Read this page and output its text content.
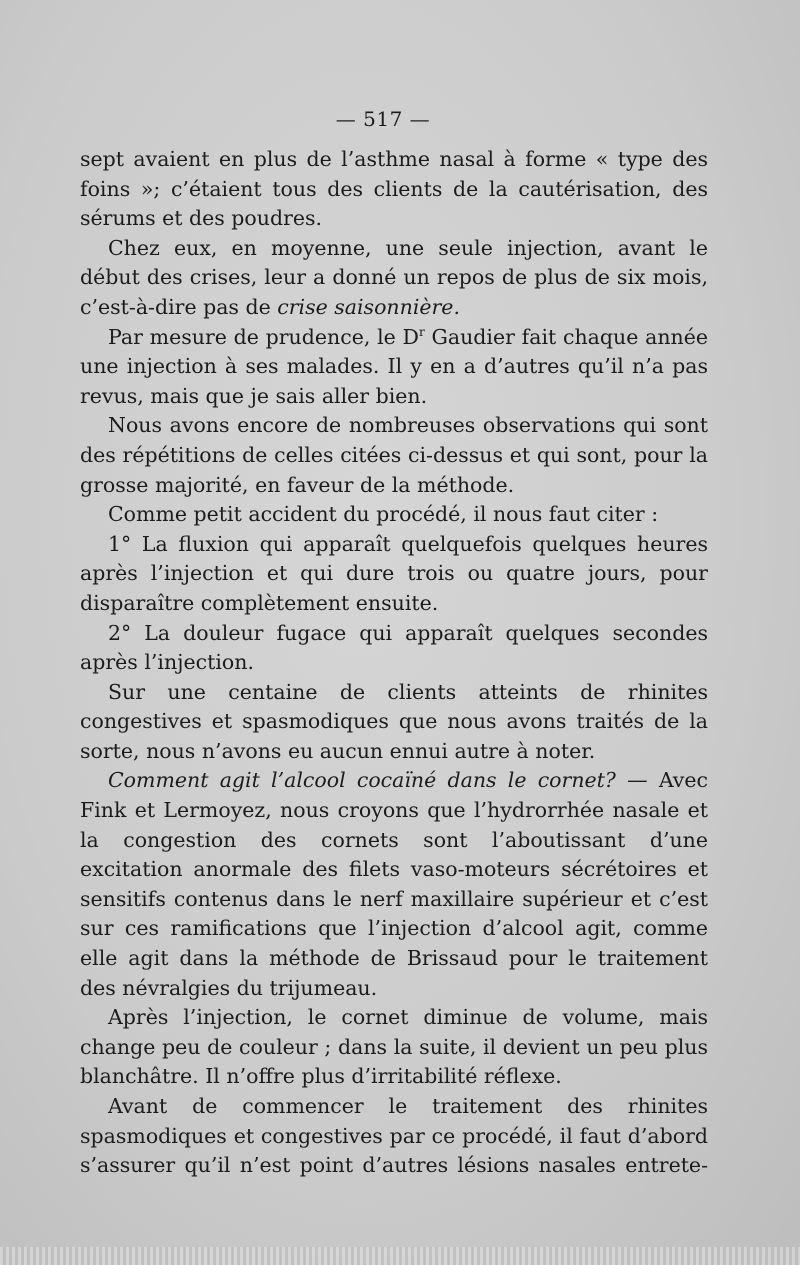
— 517 —

sept avaient en plus de l’asthme nasal à forme « type des foins »; c’étaient tous des clients de la cautérisation, des sérums et des poudres.

Chez eux, en moyenne, une seule injection, avant le début des crises, leur a donné un repos de plus de six mois, c’est-à-dire pas de crise saisonnière.

Par mesure de prudence, le $D^r$ Gaudier fait chaque année une injection à ses malades. Il y en a d’autres qu’il n’a pas revus, mais que je sais aller bien.

Nous avons encore de nombreuses observations qui sont des répétitions de celles citées ci-dessus et qui sont, pour la grosse majorité, en faveur de la méthode.

Comme petit accident du procédé, il nous faut citer :

1° La fluxion qui apparaît quelquefois quelques heures après l’injection et qui dure trois ou quatre jours, pour disparaître complètement ensuite.

2° La douleur fugace qui apparaît quelques secondes après l’injection.

Sur une centaine de clients atteints de rhinites congestives et spasmodiques que nous avons traités de la sorte, nous n’avons eu aucun ennui autre à noter.

Comment agit l’alcool cocaïné dans le cornet? — Avec Fink et Lermoyez, nous croyons que l’hydrorrhée nasale et la congestion des cornets sont l’aboutissant d’une excitation anormale des filets vaso-moteurs sécrétoires et sensitifs contenus dans le nerf maxillaire supérieur et c’est sur ces ramifications que l’injection d’alcool agit, comme elle agit dans la méthode de Brissaud pour le traitement des névralgies du trijumeau.

Après l’injection, le cornet diminue de volume, mais change peu de couleur ; dans la suite, il devient un peu plus blanchâtre. Il n’offre plus d’irritabilité réflexe.

Avant de commencer le traitement des rhinites spasmodiques et congestives par ce procédé, il faut d’abord s’assurer qu’il n’est point d’autres lésions nasales entrete-
